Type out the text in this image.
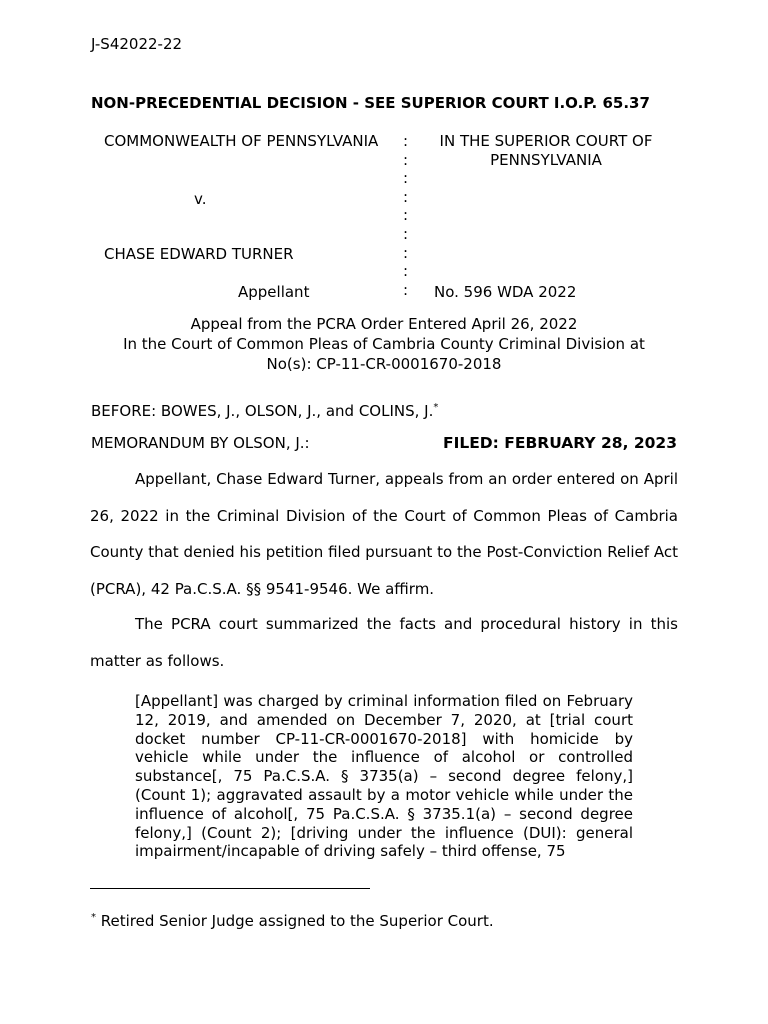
J-S42022-22
NON-PRECEDENTIAL DECISION - SEE SUPERIOR COURT I.O.P. 65.37
COMMONWEALTH OF PENNSYLVANIA
v.
CHASE EDWARD TURNER
Appellant
:
:
:
:
:
:
:
:
:
IN THE SUPERIOR COURT OF
PENNSYLVANIA
No. 596 WDA 2022
Appeal from the PCRA Order Entered April 26, 2022
In the Court of Common Pleas of Cambria County Criminal Division at
No(s): CP-11-CR-0001670-2018
BEFORE: BOWES, J., OLSON, J., and COLINS, J.*
MEMORANDUM BY OLSON, J.:	FILED: FEBRUARY 28, 2023
Appellant, Chase Edward Turner, appeals from an order entered on April 26, 2022 in the Criminal Division of the Court of Common Pleas of Cambria County that denied his petition filed pursuant to the Post-Conviction Relief Act (PCRA), 42 Pa.C.S.A. §§ 9541-9546. We affirm.
The PCRA court summarized the facts and procedural history in this matter as follows.
[Appellant] was charged by criminal information filed on February 12, 2019, and amended on December 7, 2020, at [trial court docket number CP-11-CR-0001670-2018] with homicide by vehicle while under the influence of alcohol or controlled substance[, 75 Pa.C.S.A. § 3735(a) – second degree felony,] (Count 1); aggravated assault by a motor vehicle while under the influence of alcohol[, 75 Pa.C.S.A. § 3735.1(a) – second degree felony,] (Count 2); [driving under the influence (DUI): general impairment/incapable of driving safely – third offense, 75
* Retired Senior Judge assigned to the Superior Court.
